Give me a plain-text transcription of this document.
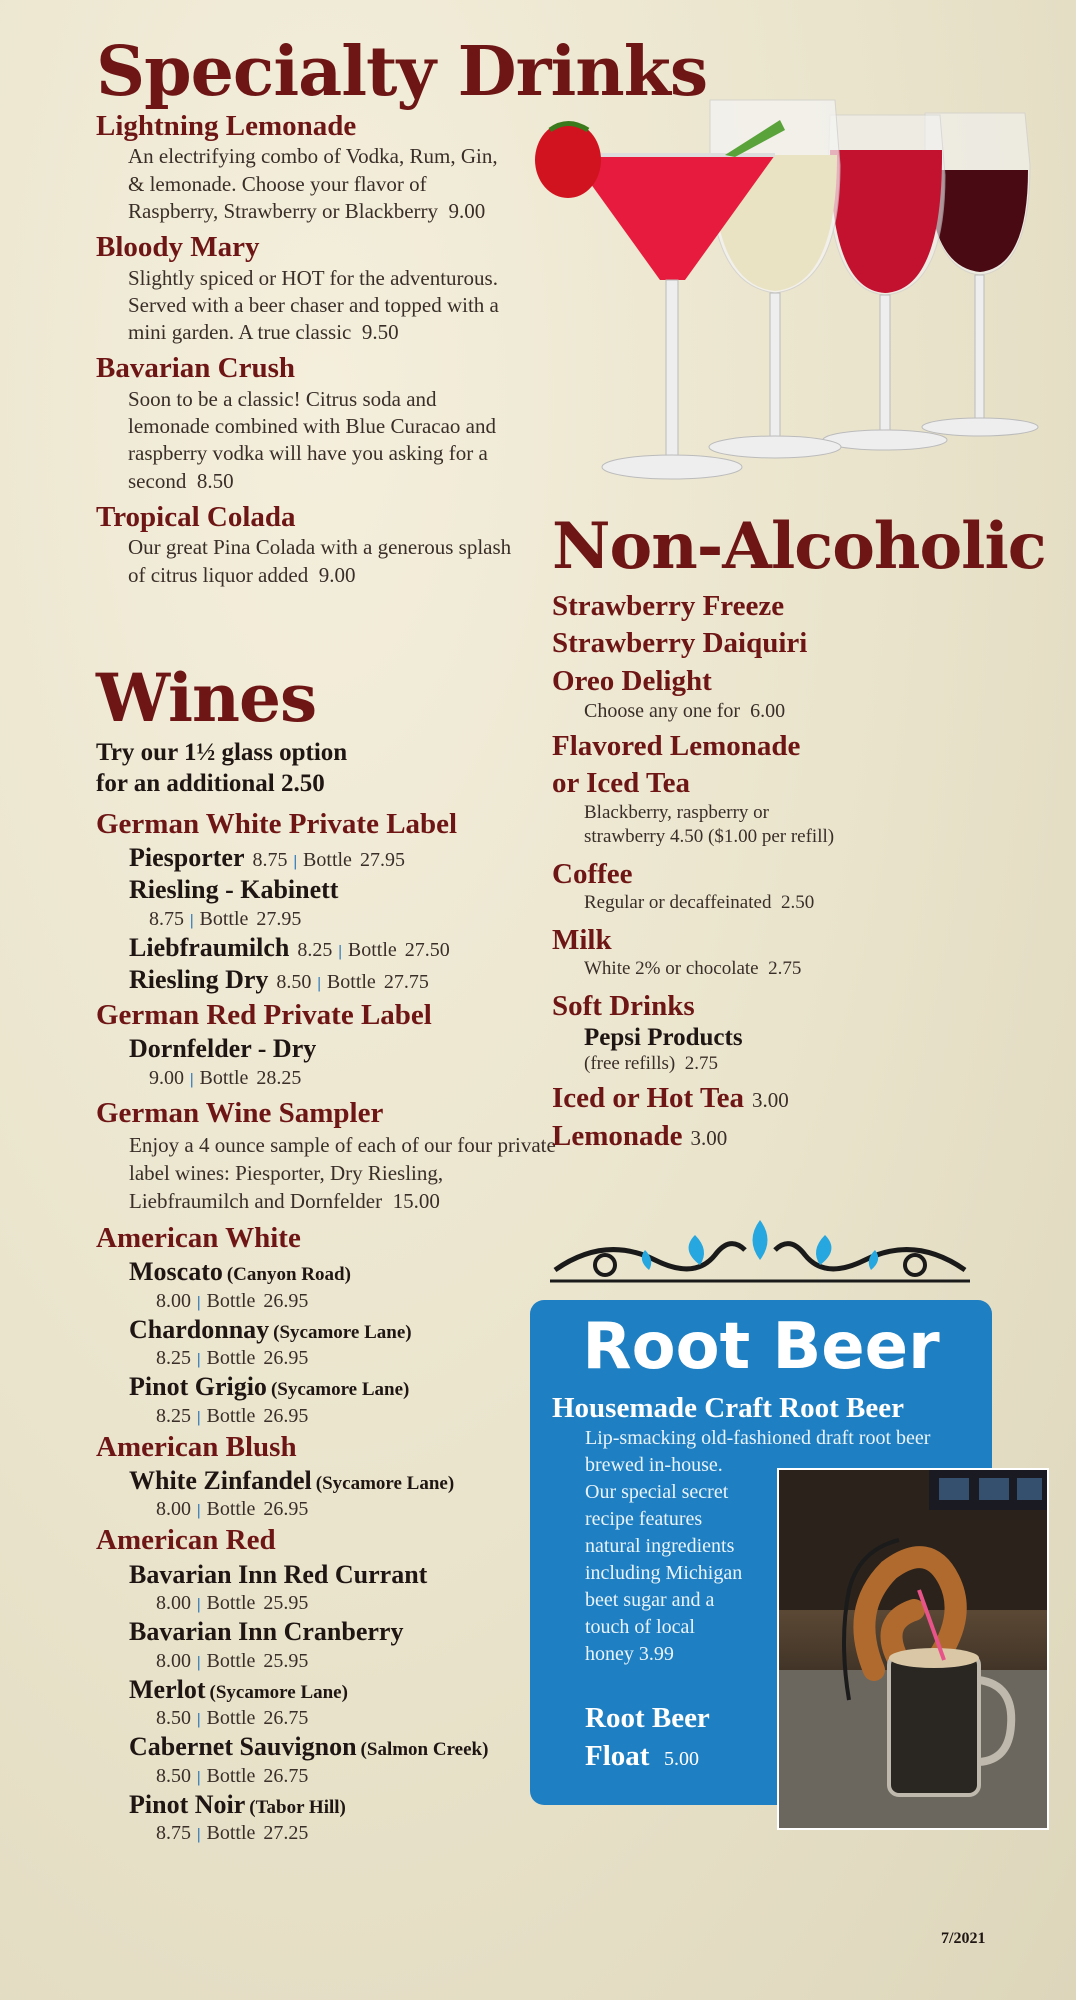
Specialty Drinks
Lightning Lemonade
An electrifying combo of Vodka, Rum, Gin, & lemonade. Choose your flavor of Raspberry, Strawberry or Blackberry 9.00
Bloody Mary
Slightly spiced or HOT for the adventurous. Served with a beer chaser and topped with a mini garden. A true classic 9.50
Bavarian Crush
Soon to be a classic! Citrus soda and lemonade combined with Blue Curacao and raspberry vodka will have you asking for a second 8.50
Tropical Colada
Our great Pina Colada with a generous splash of citrus liquor added 9.00
Wines
Try our 1½ glass option
for an additional 2.50
German White Private Label
Piesporter 8.75 | Bottle 27.95
Riesling - Kabinett
8.75 | Bottle 27.95
Liebfraumilch 8.25 | Bottle 27.50
Riesling Dry 8.50 | Bottle 27.75
German Red Private Label
Dornfelder - Dry
9.00 | Bottle 28.25
German Wine Sampler
Enjoy a 4 ounce sample of each of our four private label wines: Piesporter, Dry Riesling, Liebfraumilch and Dornfelder 15.00
American White
Moscato (Canyon Road)
8.00 | Bottle 26.95
Chardonnay (Sycamore Lane)
8.25 | Bottle 26.95
Pinot Grigio (Sycamore Lane)
8.25 | Bottle 26.95
American Blush
White Zinfandel (Sycamore Lane)
8.00 | Bottle 26.95
American Red
Bavarian Inn Red Currant
8.00 | Bottle 25.95
Bavarian Inn Cranberry
8.00 | Bottle 25.95
Merlot (Sycamore Lane)
8.50 | Bottle 26.75
Cabernet Sauvignon (Salmon Creek)
8.50 | Bottle 26.75
Pinot Noir (Tabor Hill)
8.75 | Bottle 27.25
Non-Alcoholic
Strawberry Freeze
Strawberry Daiquiri
Oreo Delight
Choose any one for 6.00
Flavored Lemonade
or Iced Tea
Blackberry, raspberry or
strawberry 4.50 ($1.00 per refill)
Coffee
Regular or decaffeinated 2.50
Milk
White 2% or chocolate 2.75
Soft Drinks
Pepsi Products
(free refills) 2.75
Iced or Hot Tea 3.00
Lemonade 3.00
Root Beer
Housemade Craft Root Beer
Lip-smacking old-fashioned draft root beer
brewed in-house.
Our special secret
recipe features
natural ingredients
including Michigan
beet sugar and a
touch of local
honey 3.99
Root Beer
Float 5.00
7/2021
